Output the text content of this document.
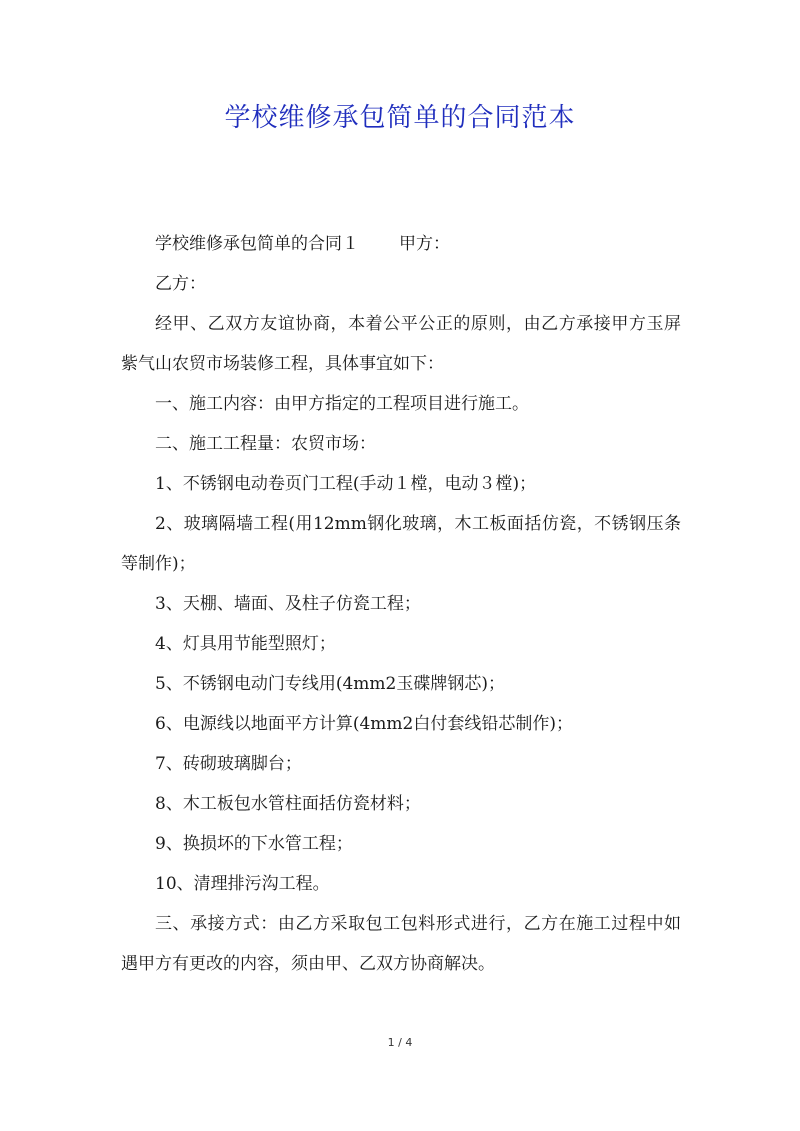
学校维修承包简单的合同范本

学校维修承包简单的合同１ 甲方：

乙方：

经甲、乙双方友谊协商，本着公平公正的原则，由乙方承接甲方玉屏紫气山农贸市场装修工程，具体事宜如下：

一、施工内容：由甲方指定的工程项目进行施工。

二、施工工程量：农贸市场：

1、不锈钢电动卷页门工程(手动１樘，电动３樘)；

2、玻璃隔墙工程(用12mm钢化玻璃，木工板面括仿瓷，不锈钢压条等制作)；

3、天棚、墙面、及柱子仿瓷工程；

4、灯具用节能型照灯；

5、不锈钢电动门专线用(4mm2玉碟牌钢芯)；

6、电源线以地面平方计算(4mm2白付套线铅芯制作)；

7、砖砌玻璃脚台；

8、木工板包水管柱面括仿瓷材料；

9、换损坏的下水管工程；

10、清理排污沟工程。

三、承接方式：由乙方采取包工包料形式进行，乙方在施工过程中如遇甲方有更改的内容，须由甲、乙双方协商解决。

1 / 4
